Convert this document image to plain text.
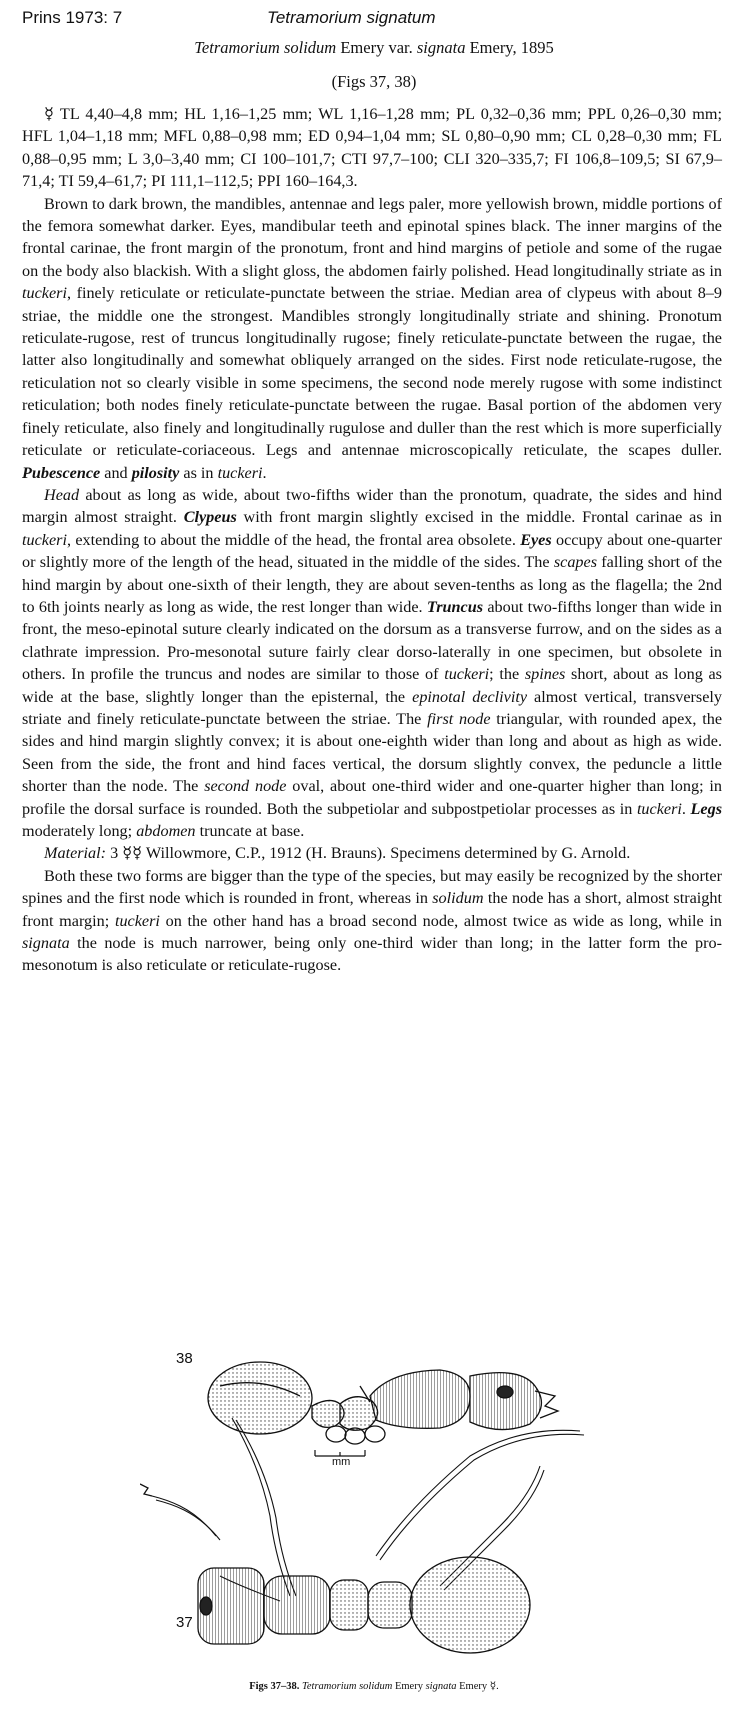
Prins 1973: 7	Tetramorium signatum
Tetramorium solidum Emery var. signata Emery, 1895
(Figs 37, 38)

☿ TL 4,40–4,8 mm; HL 1,16–1,25 mm; WL 1,16–1,28 mm; PL 0,32–0,36 mm; PPL 0,26–0,30 mm; HFL 1,04–1,18 mm; MFL 0,88–0,98 mm; ED 0,94–1,04 mm; SL 0,80–0,90 mm; CL 0,28–0,30 mm; FL 0,88–0,95 mm; L 3,0–3,40 mm; CI 100–101,7; CTI 97,7–100; CLI 320–335,7; FI 106,8–109,5; SI 67,9–71,4; TI 59,4–61,7; PI 111,1–112,5; PPI 160–164,3.

Brown to dark brown, the mandibles, antennae and legs paler, more yellowish brown, middle portions of the femora somewhat darker. Eyes, mandibular teeth and epinotal spines black. The inner margins of the frontal carinae, the front margin of the pronotum, front and hind margins of petiole and some of the rugae on the body also blackish. With a slight gloss, the abdomen fairly polished. Head longitudinally striate as in tuckeri, finely reticulate or reticulate-punctate between the striae. Median area of clypeus with about 8–9 striae, the middle one the strongest. Mandibles strongly longitudinally striate and shining. Pronotum reticulate-rugose, rest of truncus longitudinally rugose; finely reticulate-punctate between the rugae, the latter also longitudinally and somewhat obliquely arranged on the sides. First node reticulate-rugose, the reticulation not so clearly visible in some specimens, the second node merely rugose with some indistinct reticulation; both nodes finely reticulate-punctate between the rugae. Basal portion of the abdomen very finely reticulate, also finely and longitudinally rugulose and duller than the rest which is more superficially reticulate or reticulate-coriaceous. Legs and antennae microscopically reticulate, the scapes duller. Pubescence and pilosity as in tuckeri.

Head about as long as wide, about two-fifths wider than the pronotum, quadrate, the sides and hind margin almost straight. Clypeus with front margin slightly excised in the middle. Frontal carinae as in tuckeri, extending to about the middle of the head, the frontal area obsolete. Eyes occupy about one-quarter or slightly more of the length of the head, situated in the middle of the sides. The scapes falling short of the hind margin by about one-sixth of their length, they are about seven-tenths as long as the flagella; the 2nd to 6th joints nearly as long as wide, the rest longer than wide. Truncus about two-fifths longer than wide in front, the meso-epinotal suture clearly indicated on the dorsum as a transverse furrow, and on the sides as a clathrate impression. Pro-mesonotal suture fairly clear dorso-laterally in one specimen, but obsolete in others. In profile the truncus and nodes are similar to those of tuckeri; the spines short, about as long as wide at the base, slightly longer than the episternal, the epinotal declivity almost vertical, transversely striate and finely reticulate-punctate between the striae. The first node triangular, with rounded apex, the sides and hind margin slightly convex; it is about one-eighth wider than long and about as high as wide. Seen from the side, the front and hind faces vertical, the dorsum slightly convex, the peduncle a little shorter than the node. The second node oval, about one-third wider and one-quarter higher than long; in profile the dorsal surface is rounded. Both the subpetiolar and subpostpetiolar processes as in tuckeri. Legs moderately long; abdomen truncate at base.

Material: 3 ☿☿ Willowmore, C.P., 1912 (H. Brauns). Specimens determined by G. Arnold.

Both these two forms are bigger than the type of the species, but may easily be recognized by the shorter spines and the first node which is rounded in front, whereas in solidum the node has a short, almost straight front margin; tuckeri on the other hand has a broad second node, almost twice as wide as long, while in signata the node is much narrower, being only one-third wider than long; in the latter form the pro-mesonotum is also reticulate or reticulate-rugose.

38
37
mm
Figs 37–38. Tetramorium solidum Emery signata Emery ☿.
